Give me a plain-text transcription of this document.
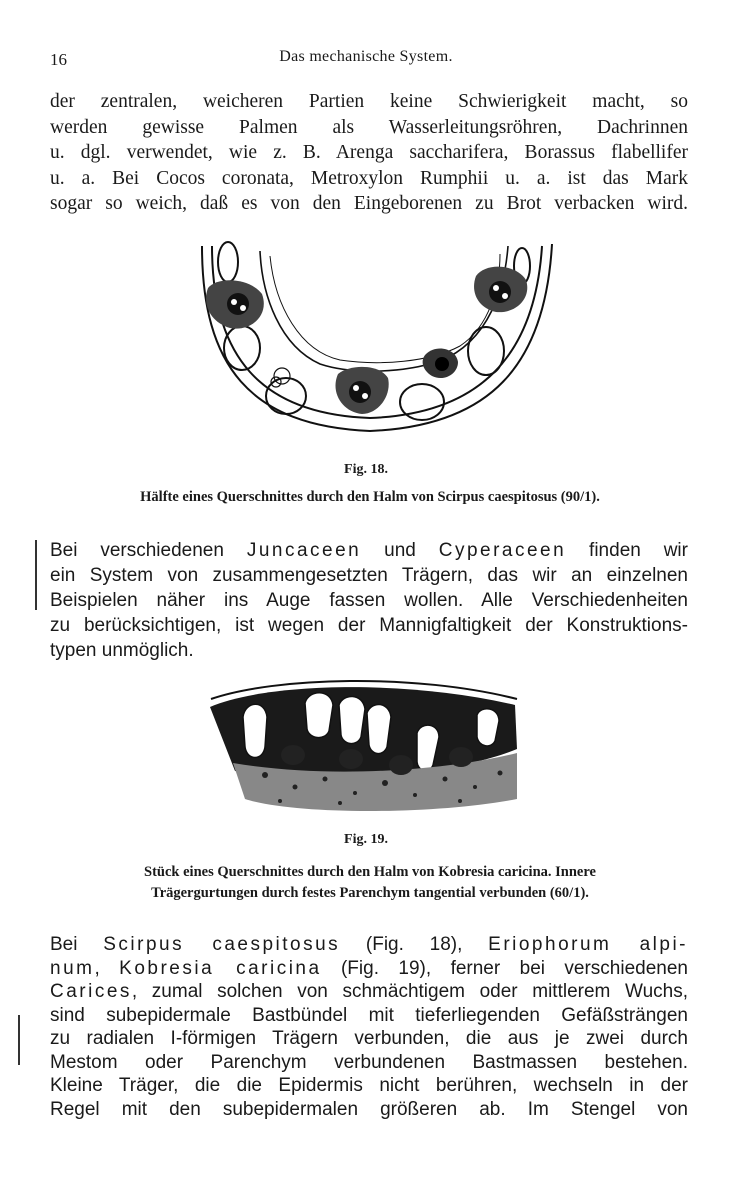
16	Das mechanische System.
der zentralen, weicheren Partien keine Schwierigkeit macht, so
werden gewisse Palmen als Wasserleitungsröhren, Dachrinnen
u. dgl. verwendet, wie z. B. Arenga saccharifera, Borassus flabellifer
u. a. Bei Cocos coronata, Metroxylon Rumphii u. a. ist das Mark
sogar so weich, daß es von den Eingeborenen zu Brot verbacken wird.
Fig. 18.
Hälfte eines Querschnittes durch den Halm von Scirpus caespitosus (90/1).
Bei verschiedenen Juncaceen und Cyperaceen finden wir
ein System von zusammengesetzten Trägern, das wir an einzelnen
Beispielen näher ins Auge fassen wollen. Alle Verschiedenheiten
zu berücksichtigen, ist wegen der Mannigfaltigkeit der Konstruktions-
typen unmöglich.
Fig. 19.
Stück eines Querschnittes durch den Halm von Kobresia caricina. Innere
Trägergurtungen durch festes Parenchym tangential verbunden (60/1).
Bei Scirpus caespitosus (Fig. 18), Eriophorum alpi-
num, Kobresia caricina (Fig. 19), ferner bei verschiedenen
Carices, zumal solchen von schmächtigem oder mittlerem Wuchs,
sind subepidermale Bastbündel mit tieferliegenden Gefäßsträngen
zu radialen I-förmigen Trägern verbunden, die aus je zwei durch
Mestom oder Parenchym verbundenen Bastmassen bestehen.
Kleine Träger, die die Epidermis nicht berühren, wechseln in der
Regel mit den subepidermalen größeren ab. Im Stengel von
